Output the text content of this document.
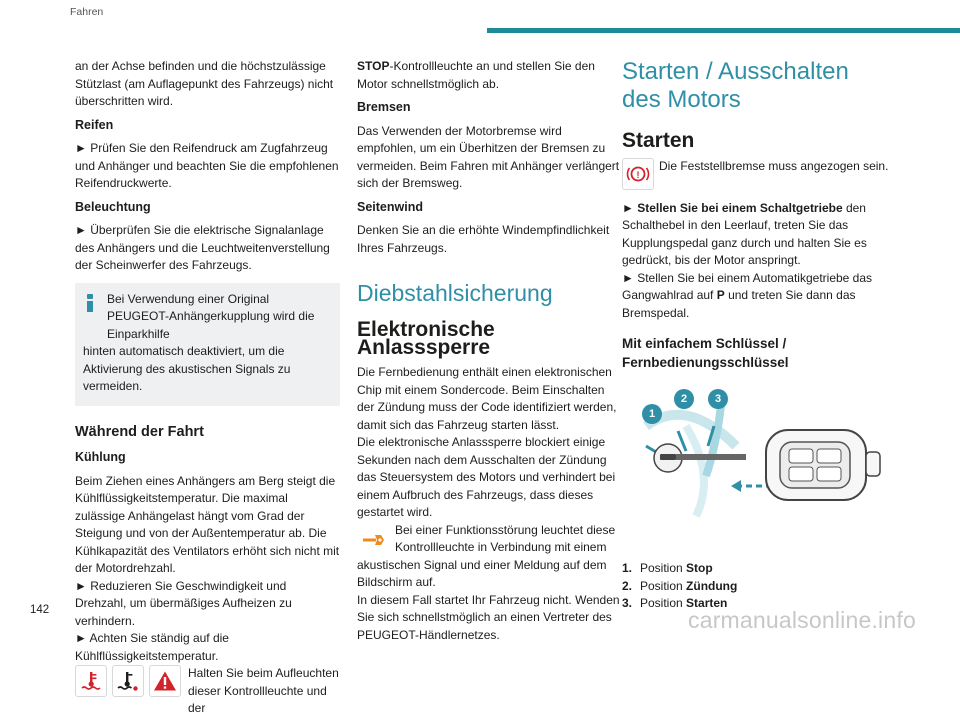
Fahren

an der Achse befinden und die höchstzulässige Stützlast (am Auflagepunkt des Fahrzeugs) nicht überschritten wird.

Reifen

► Prüfen Sie den Reifendruck am Zugfahrzeug und Anhänger und beachten Sie die empfohlenen Reifendruckwerte.

Beleuchtung

► Überprüfen Sie die elektrische Signalanlage des Anhängers und die Leuchtweitenverstellung der Scheinwerfer des Fahrzeugs.

Bei Verwendung einer Original PEUGEOT-Anhängerkupplung wird die Einparkhilfe
hinten automatisch deaktiviert, um die Aktivierung des akustischen Signals zu vermeiden.
Während der Fahrt
Kühlung

Beim Ziehen eines Anhängers am Berg steigt die Kühlflüssigkeitstemperatur. Die maximal zulässige Anhängelast hängt vom Grad der Steigung und von der Außentemperatur ab. Die Kühlkapazität des Ventilators erhöht sich nicht mit der Motordrehzahl.

► Reduzieren Sie Geschwindigkeit und Drehzahl, um übermäßiges Aufheizen zu verhindern.

► Achten Sie ständig auf die Kühlflüssigkeitstemperatur.

Halten Sie beim Aufleuchten dieser Kontrollleuchte und der

STOP-Kontrollleuchte an und stellen Sie den Motor schnellstmöglich ab.

Bremsen

Das Verwenden der Motorbremse wird empfohlen, um ein Überhitzen der Bremsen zu vermeiden. Beim Fahren mit Anhänger verlängert sich der Bremsweg.

Seitenwind

Denken Sie an die erhöhte Windempfindlichkeit Ihres Fahrzeugs.

Diebstahlsicherung
Elektronische Anlasssperre

Die Fernbedienung enthält einen elektronischen Chip mit einem Sondercode. Beim Einschalten der Zündung muss der Code identifiziert werden, damit sich das Fahrzeug starten lässt.

Die elektronische Anlasssperre blockiert einige Sekunden nach dem Ausschalten der Zündung das Steuersystem des Motors und verhindert bei einem Aufbruch des Fahrzeugs, dass dieses gestartet wird.

Bei einer Funktionsstörung leuchtet diese Kontrollleuchte in Verbindung mit einem akustischen Signal und einer Meldung auf dem Bildschirm auf.

In diesem Fall startet Ihr Fahrzeug nicht. Wenden Sie sich schnellstmöglich an einen Vertreter des PEUGEOT-Händlernetzes.

Starten / Ausschalten des Motors
Starten
!
Die Feststellbremse muss angezogen sein.

► Stellen Sie bei einem Schaltgetriebe den Schalthebel in den Leerlauf, treten Sie das Kupplungspedal ganz durch und halten Sie es gedrückt, bis der Motor anspringt.

► Stellen Sie bei einem Automatikgetriebe das Gangwahlrad auf P und treten Sie dann das Bremspedal.

Mit einfachem Schlüssel / Fernbedienungsschlüssel
1
2	3

1. Position Stop

2. Position Zündung

3. Position Starten

142	carmanualsonline.info
